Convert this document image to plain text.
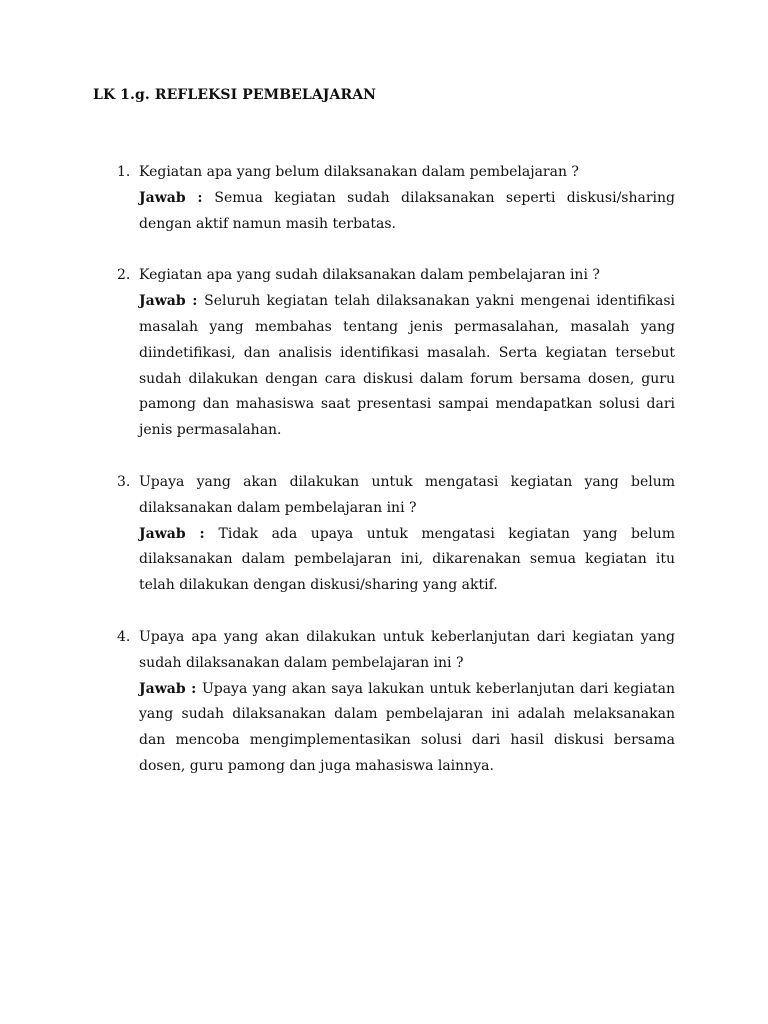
LK 1.g. REFLEKSI PEMBELAJARAN
1. Kegiatan apa yang belum dilaksanakan dalam pembelajaran ?
Jawab : Semua kegiatan sudah dilaksanakan seperti diskusi/sharing dengan aktif namun masih terbatas.
2. Kegiatan apa yang sudah dilaksanakan dalam pembelajaran ini ?
Jawab : Seluruh kegiatan telah dilaksanakan yakni mengenai identifikasi masalah yang membahas tentang jenis permasalahan, masalah yang diindetifikasi, dan analisis identifikasi masalah. Serta kegiatan tersebut sudah dilakukan dengan cara diskusi dalam forum bersama dosen, guru pamong dan mahasiswa saat presentasi sampai mendapatkan solusi dari jenis permasalahan.
3. Upaya yang akan dilakukan untuk mengatasi kegiatan yang belum dilaksanakan dalam pembelajaran ini ?
Jawab : Tidak ada upaya untuk mengatasi kegiatan yang belum dilaksanakan dalam pembelajaran ini, dikarenakan semua kegiatan itu telah dilakukan dengan diskusi/sharing yang aktif.
4. Upaya apa yang akan dilakukan untuk keberlanjutan dari kegiatan yang sudah dilaksanakan dalam pembelajaran ini ?
Jawab : Upaya yang akan saya lakukan untuk keberlanjutan dari kegiatan yang sudah dilaksanakan dalam pembelajaran ini adalah melaksanakan dan mencoba mengimplementasikan solusi dari hasil diskusi bersama dosen, guru pamong dan juga mahasiswa lainnya.
